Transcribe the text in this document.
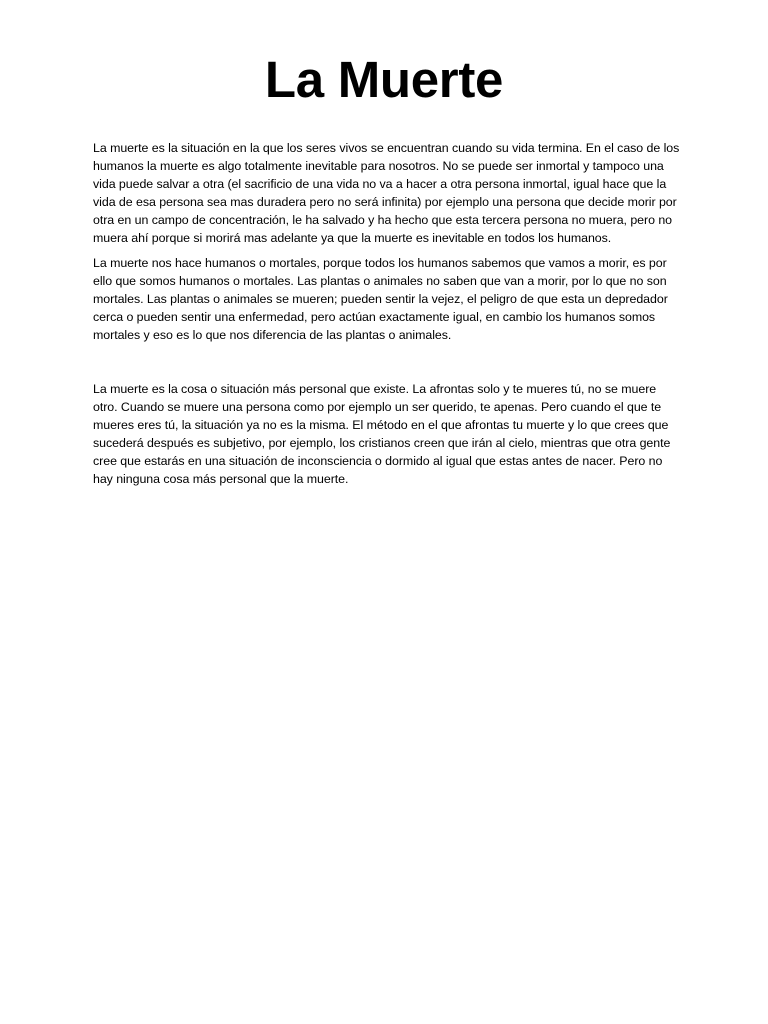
La Muerte

La muerte es la situación en la que los seres vivos se encuentran cuando su vida termina. En el caso de los humanos la muerte es algo totalmente inevitable para nosotros. No se puede ser inmortal y tampoco una vida puede salvar a otra (el sacrificio de una vida no va a hacer a otra persona inmortal, igual hace que la vida de esa persona sea mas duradera pero no será infinita) por ejemplo una persona que decide morir por otra en un campo de concentración, le ha salvado y ha hecho que esta tercera persona no muera, pero no muera ahí porque si morirá mas adelante ya que la muerte es inevitable en todos los humanos.

La muerte nos hace humanos o mortales, porque todos los humanos sabemos que vamos a morir, es por ello que somos humanos o mortales. Las plantas o animales no saben que van a morir, por lo que no son mortales. Las plantas o animales se mueren; pueden sentir la vejez, el peligro de que esta un depredador cerca o pueden sentir una enfermedad, pero actúan exactamente igual, en cambio los humanos somos mortales y eso es lo que nos diferencia de las plantas o animales.

La muerte es la cosa o situación más personal que existe. La afrontas solo y te mueres tú, no se muere otro. Cuando se muere una persona como por ejemplo un ser querido, te apenas. Pero cuando el que te mueres eres tú, la situación ya no es la misma. El método en el que afrontas tu muerte y lo que crees que sucederá después es subjetivo, por ejemplo, los cristianos creen que irán al cielo, mientras que otra gente cree que estarás en una situación de inconsciencia o dormido al igual que estas antes de nacer. Pero no hay ninguna cosa más personal que la muerte.
